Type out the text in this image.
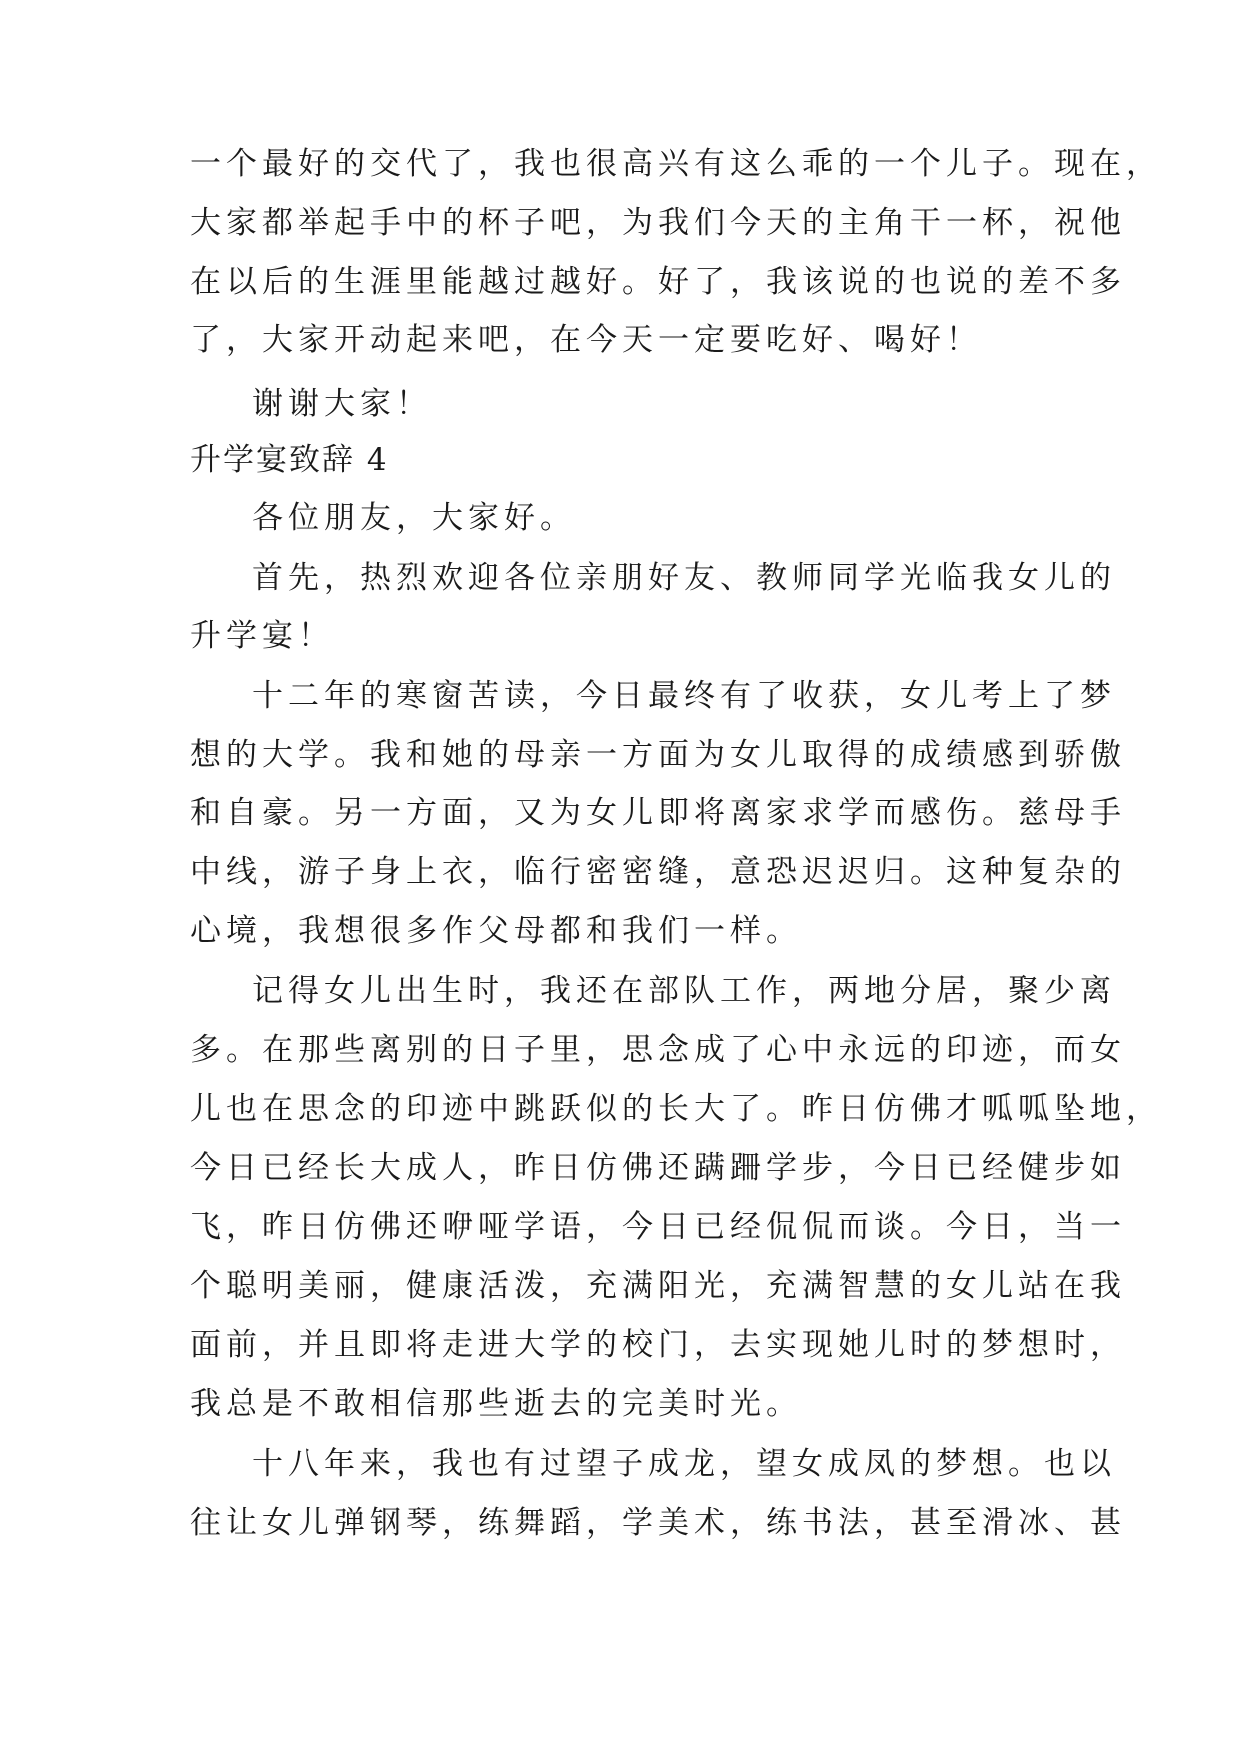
一个最好的交代了，我也很高兴有这么乖的一个儿子。现在，
大家都举起手中的杯子吧，为我们今天的主角干一杯，祝他
在以后的生涯里能越过越好。好了，我该说的也说的差不多
了，大家开动起来吧，在今天一定要吃好、喝好！
谢谢大家！
升学宴致辞 4
各位朋友，大家好。
首先，热烈欢迎各位亲朋好友、教师同学光临我女儿的
升学宴！
十二年的寒窗苦读，今日最终有了收获，女儿考上了梦
想的大学。我和她的母亲一方面为女儿取得的成绩感到骄傲
和自豪。另一方面，又为女儿即将离家求学而感伤。慈母手
中线，游子身上衣，临行密密缝，意恐迟迟归。这种复杂的
心境，我想很多作父母都和我们一样。
记得女儿出生时，我还在部队工作，两地分居，聚少离
多。在那些离别的日子里，思念成了心中永远的印迹，而女
儿也在思念的印迹中跳跃似的长大了。昨日仿佛才呱呱坠地，
今日已经长大成人，昨日仿佛还蹒跚学步，今日已经健步如
飞，昨日仿佛还咿哑学语，今日已经侃侃而谈。今日，当一
个聪明美丽，健康活泼，充满阳光，充满智慧的女儿站在我
面前，并且即将走进大学的校门，去实现她儿时的梦想时，
我总是不敢相信那些逝去的完美时光。
十八年来，我也有过望子成龙，望女成凤的梦想。也以
往让女儿弹钢琴，练舞蹈，学美术，练书法，甚至滑冰、甚
